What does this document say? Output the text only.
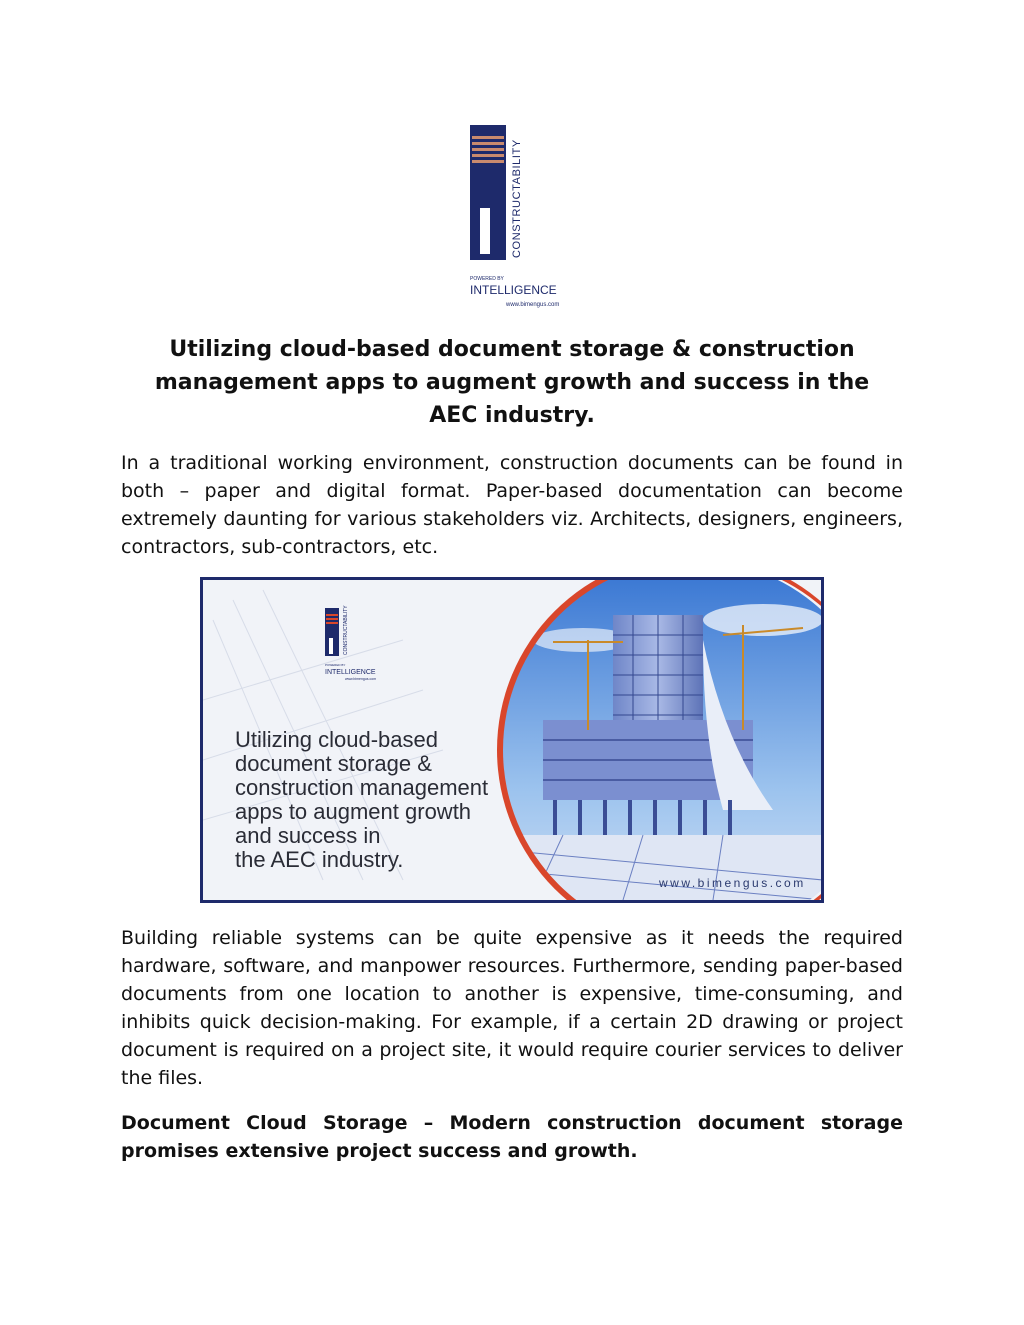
CONSTRUCTABILITY
POWERED BY
INTELLIGENCE
www.bimengus.com
Utilizing cloud-based document storage & construction
management apps to augment growth and success in the
AEC industry.

In a traditional working environment, construction documents can be found in both – paper and digital format. Paper-based documentation can become extremely daunting for various stakeholders viz. Architects, designers, engineers, contractors, sub-contractors, etc.

CONSTRUCTABILITY
POWERED BY
INTELLIGENCE
www.bimengus.com
Utilizing cloud-based
document storage &
construction management
apps to augment growth
and success in
the AEC industry.
www.bimengus.com

Building reliable systems can be quite expensive as it needs the required hardware, software, and manpower resources. Furthermore, sending paper-based documents from one location to another is expensive, time-consuming, and inhibits quick decision-making. For example, if a certain 2D drawing or project document is required on a project site, it would require courier services to deliver the files.

Document Cloud Storage – Modern construction document storage promises extensive project success and growth.
